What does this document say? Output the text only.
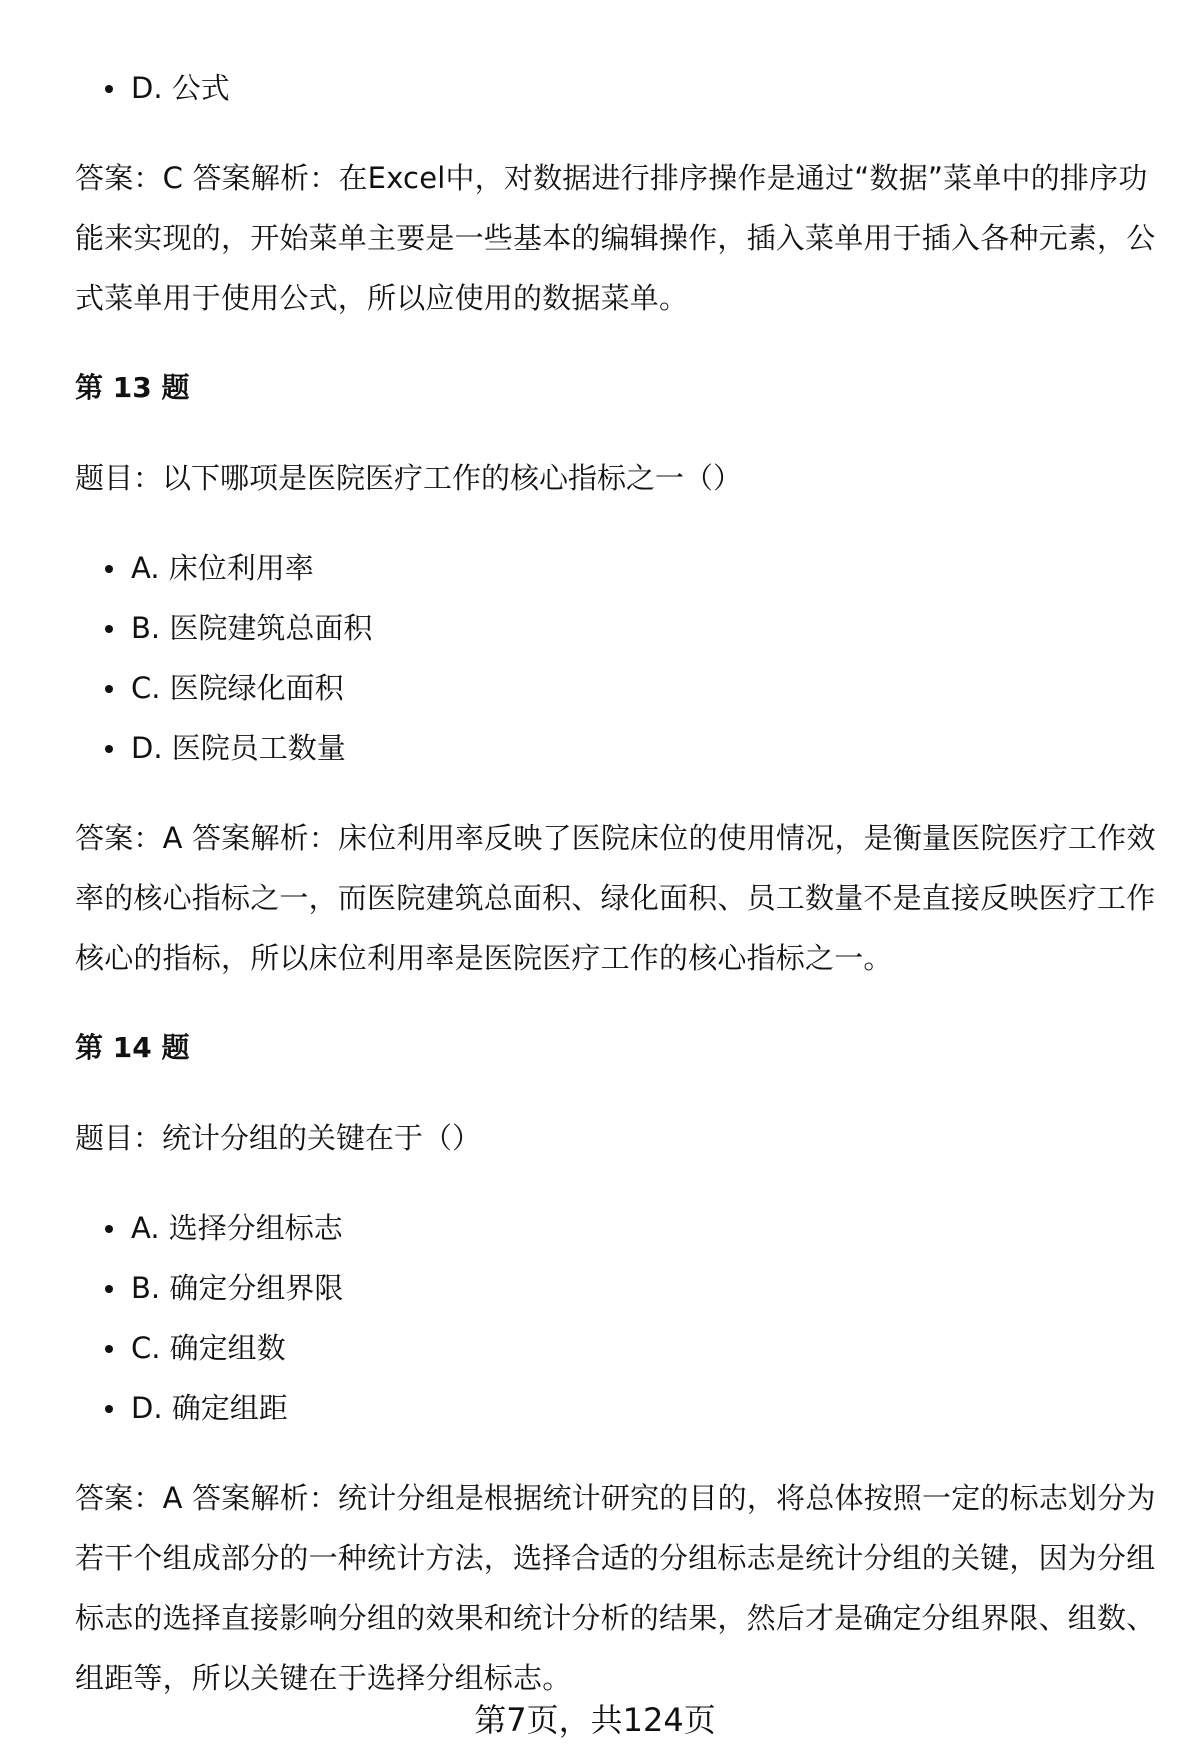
D. 公式

答案：C 答案解析：在Excel中，对数据进行排序操作是通过“数据”菜单中的排序功能来实现的，开始菜单主要是一些基本的编辑操作，插入菜单用于插入各种元素，公式菜单用于使用公式，所以应使用的数据菜单。

第 13 题

题目：以下哪项是医院医疗工作的核心指标之一（）

A. 床位利用率
B. 医院建筑总面积
C. 医院绿化面积
D. 医院员工数量

答案：A 答案解析：床位利用率反映了医院床位的使用情况，是衡量医院医疗工作效率的核心指标之一，而医院建筑总面积、绿化面积、员工数量不是直接反映医疗工作核心的指标，所以床位利用率是医院医疗工作的核心指标之一。

第 14 题

题目：统计分组的关键在于（）

A. 选择分组标志
B. 确定分组界限
C. 确定组数
D. 确定组距

答案：A 答案解析：统计分组是根据统计研究的目的，将总体按照一定的标志划分为若干个组成部分的一种统计方法，选择合适的分组标志是统计分组的关键，因为分组标志的选择直接影响分组的效果和统计分析的结果，然后才是确定分组界限、组数、组距等，所以关键在于选择分组标志。

第7页，共124页
